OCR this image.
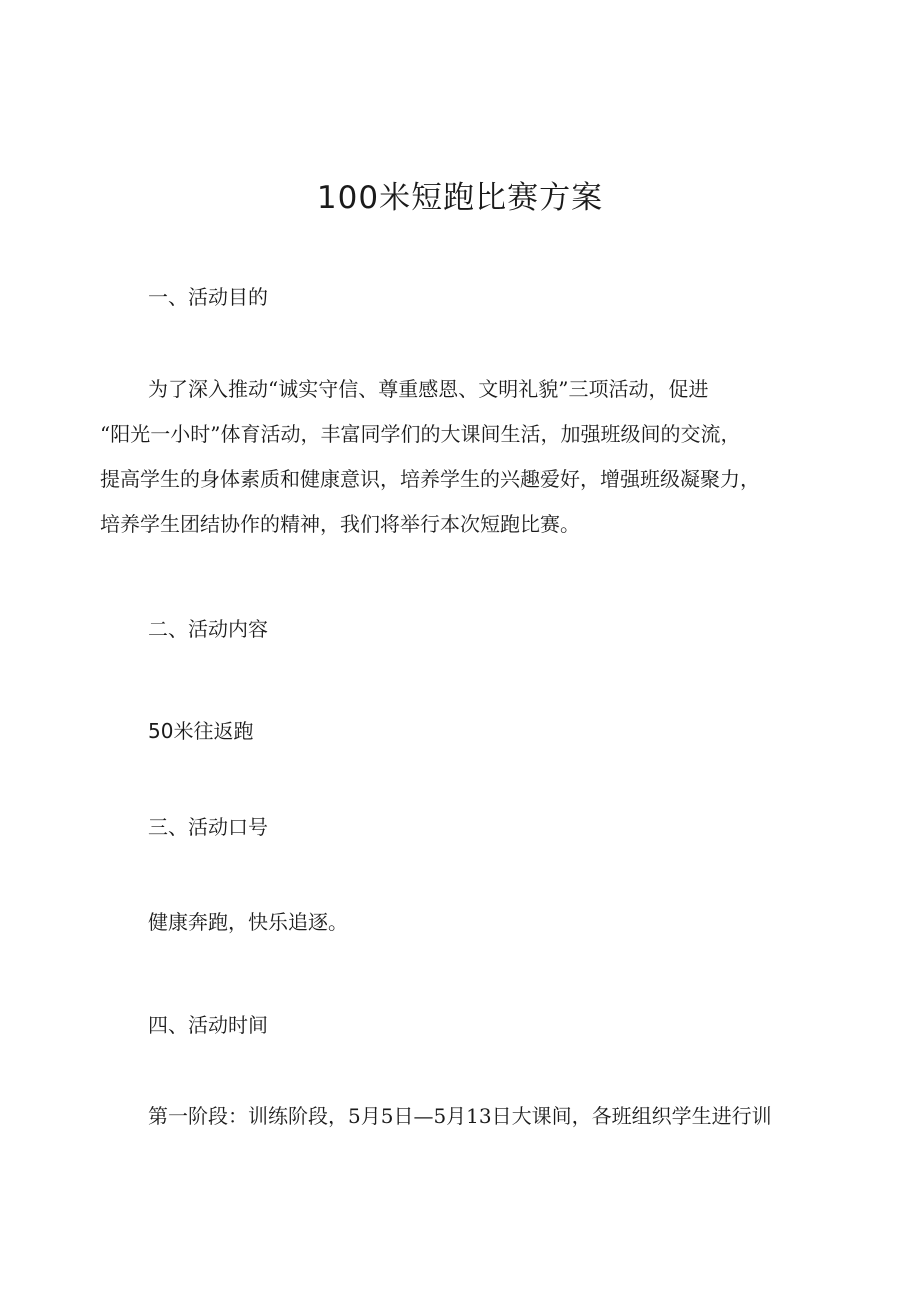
100米短跑比赛方案

一、活动目的

为了深入推动“诚实守信、尊重感恩、文明礼貌”三项活动，促进
“阳光一小时”体育活动，丰富同学们的大课间生活，加强班级间的交流，
提高学生的身体素质和健康意识，培养学生的兴趣爱好，增强班级凝聚力，
培养学生团结协作的精神，我们将举行本次短跑比赛。

二、活动内容

50米往返跑

三、活动口号

健康奔跑，快乐追逐。

四、活动时间

第一阶段：训练阶段，5月5日—5月13日大课间，各班组织学生进行训
